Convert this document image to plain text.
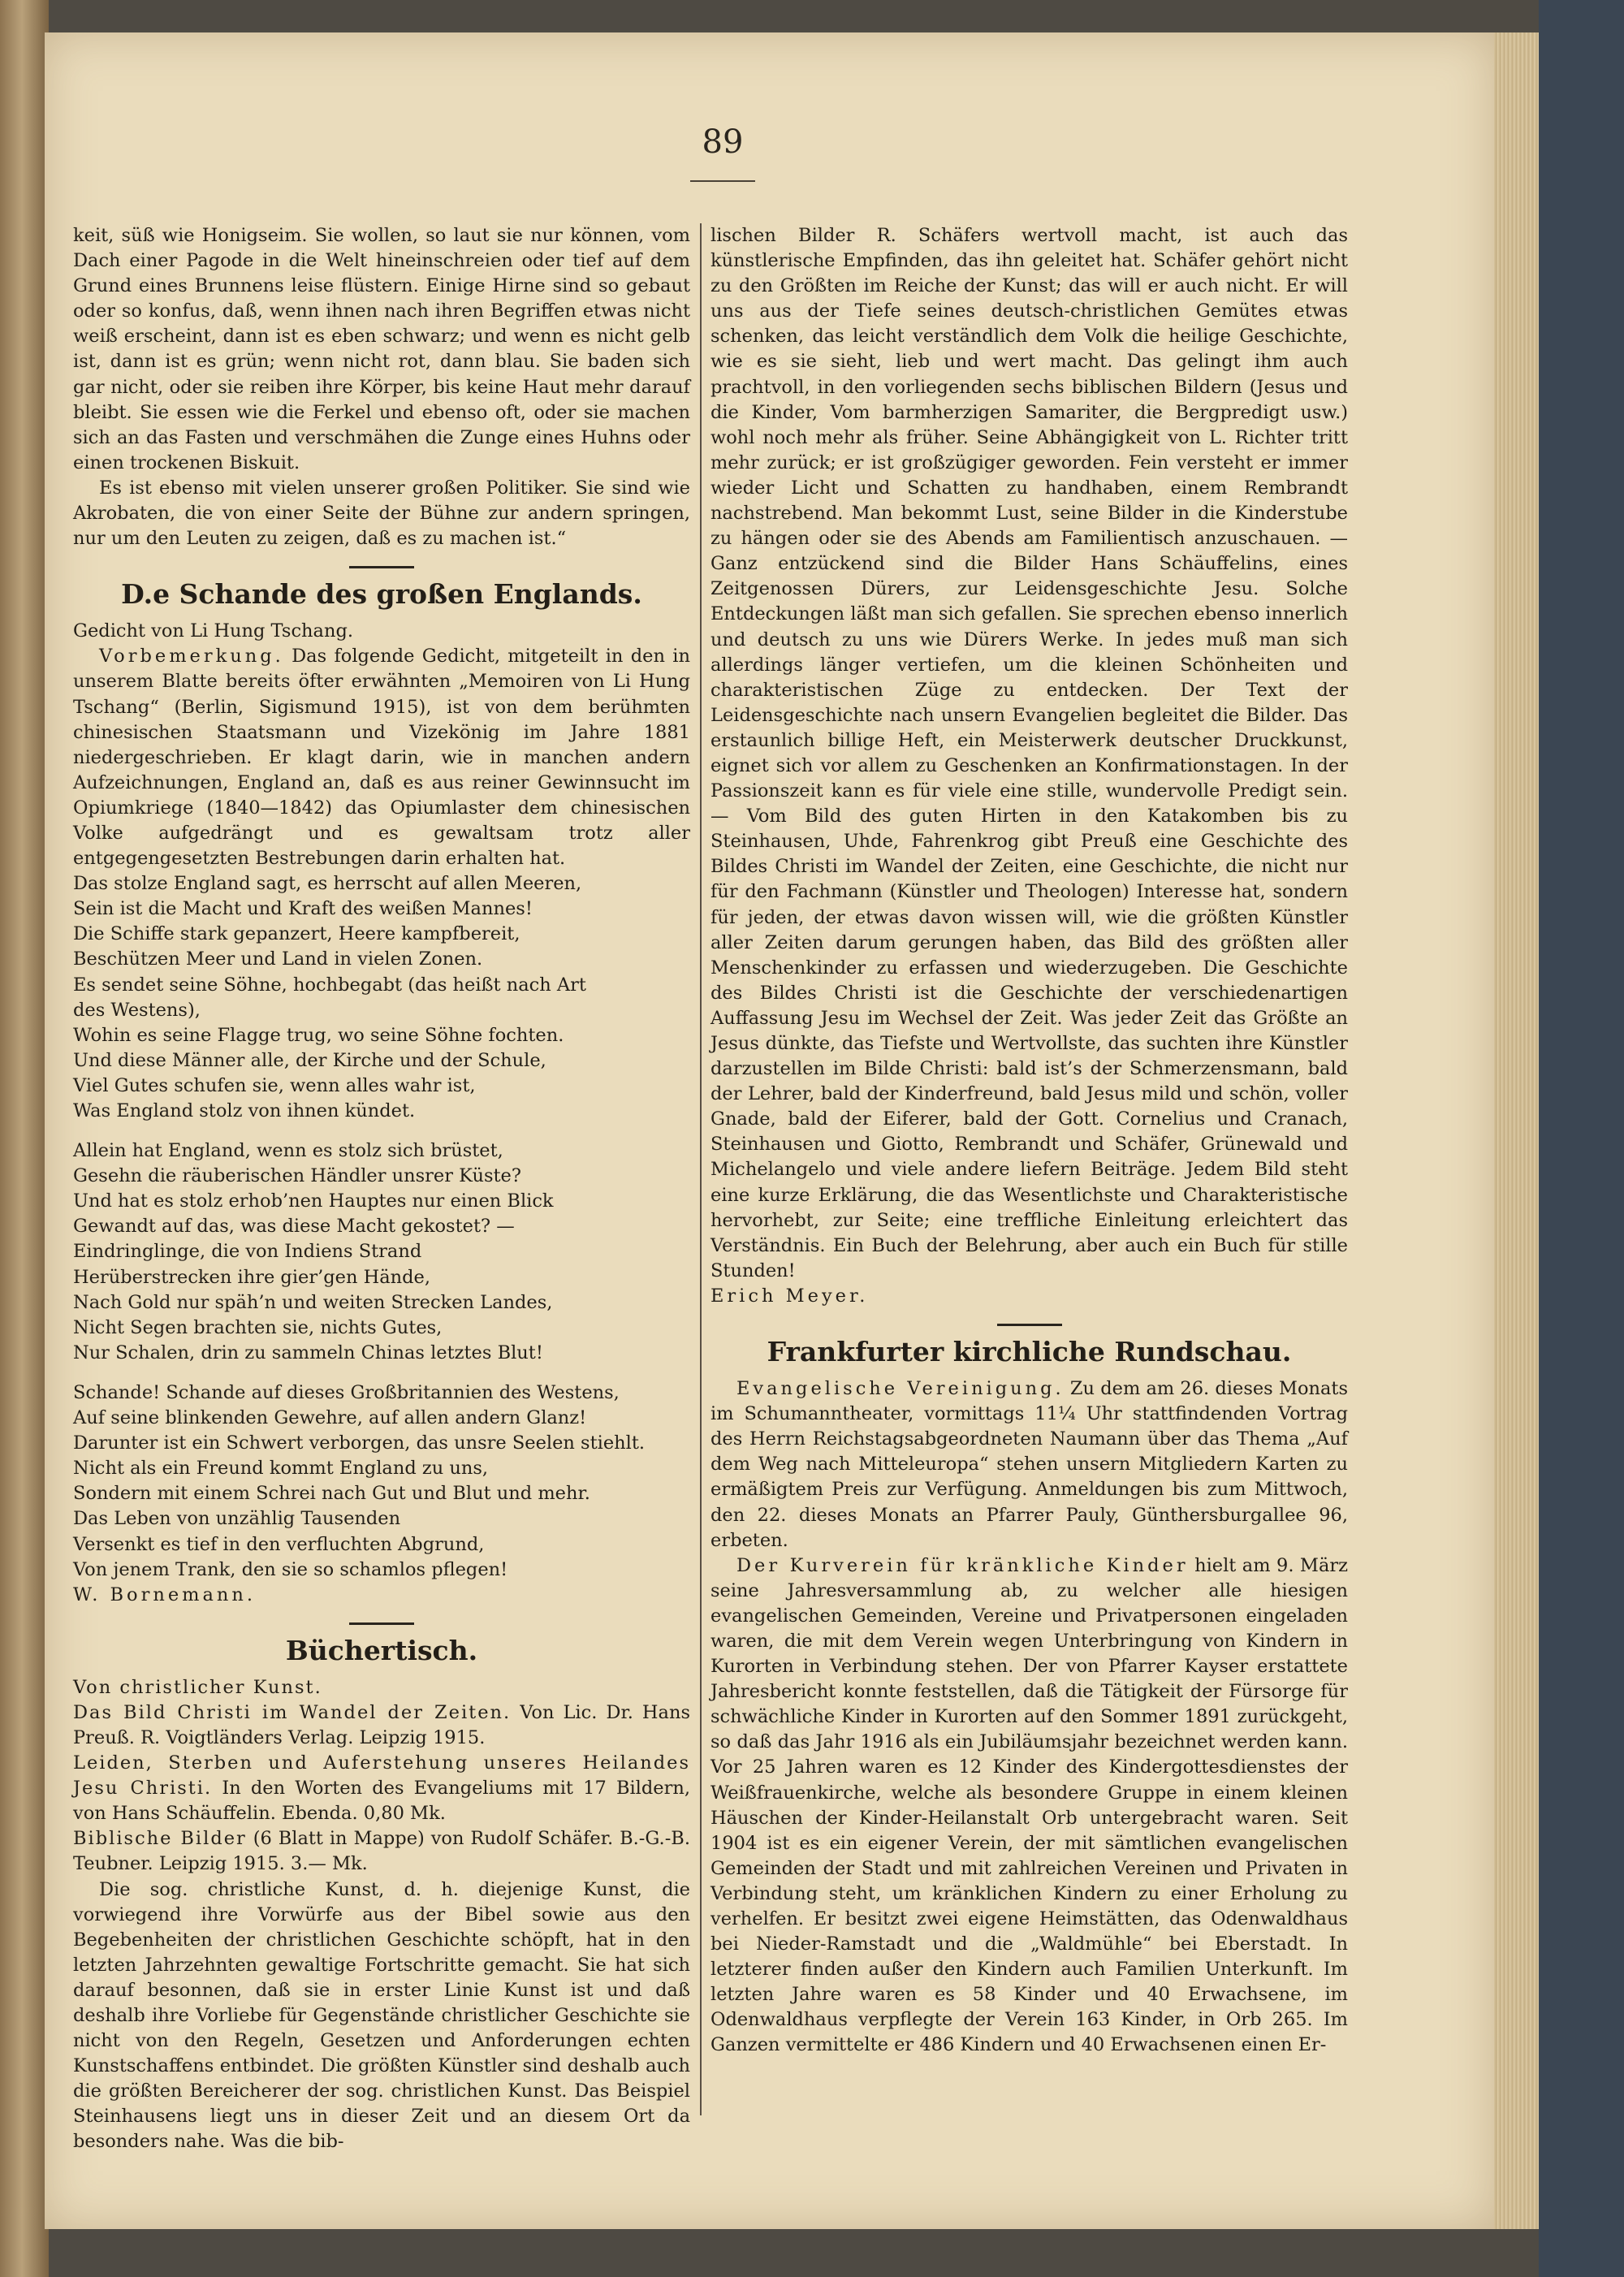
89

keit, süß wie Honigseim. Sie wollen, so laut sie nur können, vom Dach einer Pagode in die Welt hineinschreien oder tief auf dem Grund eines Brunnens leise flüstern. Einige Hirne sind so gebaut oder so konfus, daß, wenn ihnen nach ihren Begriffen etwas nicht weiß erscheint, dann ist es eben schwarz; und wenn es nicht gelb ist, dann ist es grün; wenn nicht rot, dann blau. Sie baden sich gar nicht, oder sie reiben ihre Körper, bis keine Haut mehr darauf bleibt. Sie essen wie die Ferkel und ebenso oft, oder sie machen sich an das Fasten und verschmähen die Zunge eines Huhns oder einen trockenen Biskuit.

Es ist ebenso mit vielen unserer großen Politiker. Sie sind wie Akrobaten, die von einer Seite der Bühne zur andern springen, nur um den Leuten zu zeigen, daß es zu machen ist.“

D.e Schande des großen Englands.

Gedicht von Li Hung Tschang.

Vorbemerkung. Das folgende Gedicht, mitgeteilt in den in unserem Blatte bereits öfter erwähnten „Memoiren von Li Hung Tschang“ (Berlin, Sigismund 1915), ist von dem berühmten chinesischen Staatsmann und Vizekönig im Jahre 1881 niedergeschrieben. Er klagt darin, wie in manchen andern Aufzeichnungen, England an, daß es aus reiner Gewinnsucht im Opiumkriege (1840—1842) das Opiumlaster dem chinesischen Volke aufgedrängt und es gewaltsam trotz aller entgegengesetzten Bestrebungen darin erhalten hat.

Das stolze England sagt, es herrscht auf allen Meeren,

Sein ist die Macht und Kraft des weißen Mannes!

Die Schiffe stark gepanzert, Heere kampfbereit,

Beschützen Meer und Land in vielen Zonen.

Es sendet seine Söhne, hochbegabt (das heißt nach Art

des Westens),

Wohin es seine Flagge trug, wo seine Söhne fochten.

Und diese Männer alle, der Kirche und der Schule,

Viel Gutes schufen sie, wenn alles wahr ist,

Was England stolz von ihnen kündet.

Allein hat England, wenn es stolz sich brüstet,

Gesehn die räuberischen Händler unsrer Küste?

Und hat es stolz erhob’nen Hauptes nur einen Blick

Gewandt auf das, was diese Macht gekostet? —

Eindringlinge, die von Indiens Strand

Herüberstrecken ihre gier’gen Hände,

Nach Gold nur späh’n und weiten Strecken Landes,

Nicht Segen brachten sie, nichts Gutes,

Nur Schalen, drin zu sammeln Chinas letztes Blut!

Schande! Schande auf dieses Großbritannien des Westens,

Auf seine blinkenden Gewehre, auf allen andern Glanz!

Darunter ist ein Schwert verborgen, das unsre Seelen stiehlt.

Nicht als ein Freund kommt England zu uns,

Sondern mit einem Schrei nach Gut und Blut und mehr.

Das Leben von unzählig Tausenden

Versenkt es tief in den verfluchten Abgrund,

Von jenem Trank, den sie so schamlos pflegen!

W. Bornemann.

Büchertisch.

Von christlicher Kunst.

Das Bild Christi im Wandel der Zeiten. Von Lic. Dr. Hans Preuß. R. Voigtländers Verlag. Leipzig 1915.

Leiden, Sterben und Auferstehung unseres Heilandes Jesu Christi. In den Worten des Evangeliums mit 17 Bildern, von Hans Schäuffelin. Ebenda. 0,80 Mk.

Biblische Bilder (6 Blatt in Mappe) von Rudolf Schäfer. B.-G.-B. Teubner. Leipzig 1915. 3.— Mk.

Die sog. christliche Kunst, d. h. diejenige Kunst, die vorwiegend ihre Vorwürfe aus der Bibel sowie aus den Begebenheiten der christlichen Geschichte schöpft, hat in den letzten Jahrzehnten gewaltige Fortschritte gemacht. Sie hat sich darauf besonnen, daß sie in erster Linie Kunst ist und daß deshalb ihre Vorliebe für Gegenstände christlicher Geschichte sie nicht von den Regeln, Gesetzen und Anforderungen echten Kunstschaffens entbindet. Die größten Künstler sind deshalb auch die größten Bereicherer der sog. christlichen Kunst. Das Beispiel Steinhausens liegt uns in dieser Zeit und an diesem Ort da besonders nahe. Was die bib-

lischen Bilder R. Schäfers wertvoll macht, ist auch das künstlerische Empfinden, das ihn geleitet hat. Schäfer gehört nicht zu den Größten im Reiche der Kunst; das will er auch nicht. Er will uns aus der Tiefe seines deutsch-christlichen Gemütes etwas schenken, das leicht verständlich dem Volk die heilige Geschichte, wie es sie sieht, lieb und wert macht. Das gelingt ihm auch prachtvoll, in den vorliegenden sechs biblischen Bildern (Jesus und die Kinder, Vom barmherzigen Samariter, die Bergpredigt usw.) wohl noch mehr als früher. Seine Abhängigkeit von L. Richter tritt mehr zurück; er ist großzügiger geworden. Fein versteht er immer wieder Licht und Schatten zu handhaben, einem Rembrandt nachstrebend. Man bekommt Lust, seine Bilder in die Kinderstube zu hängen oder sie des Abends am Familientisch anzuschauen. — Ganz entzückend sind die Bilder Hans Schäuffelins, eines Zeitgenossen Dürers, zur Leidensgeschichte Jesu. Solche Entdeckungen läßt man sich gefallen. Sie sprechen ebenso innerlich und deutsch zu uns wie Dürers Werke. In jedes muß man sich allerdings länger vertiefen, um die kleinen Schönheiten und charakteristischen Züge zu entdecken. Der Text der Leidensgeschichte nach unsern Evangelien begleitet die Bilder. Das erstaunlich billige Heft, ein Meisterwerk deutscher Druckkunst, eignet sich vor allem zu Geschenken an Konfirmationstagen. In der Passionszeit kann es für viele eine stille, wundervolle Predigt sein. — Vom Bild des guten Hirten in den Katakomben bis zu Steinhausen, Uhde, Fahrenkrog gibt Preuß eine Geschichte des Bildes Christi im Wandel der Zeiten, eine Geschichte, die nicht nur für den Fachmann (Künstler und Theologen) Interesse hat, sondern für jeden, der etwas davon wissen will, wie die größten Künstler aller Zeiten darum gerungen haben, das Bild des größten aller Menschenkinder zu erfassen und wiederzugeben. Die Geschichte des Bildes Christi ist die Geschichte der verschiedenartigen Auffassung Jesu im Wechsel der Zeit. Was jeder Zeit das Größte an Jesus dünkte, das Tiefste und Wertvollste, das suchten ihre Künstler darzustellen im Bilde Christi: bald ist’s der Schmerzensmann, bald der Lehrer, bald der Kinderfreund, bald Jesus mild und schön, voller Gnade, bald der Eiferer, bald der Gott. Cornelius und Cranach, Steinhausen und Giotto, Rembrandt und Schäfer, Grünewald und Michelangelo und viele andere liefern Beiträge. Jedem Bild steht eine kurze Erklärung, die das Wesentlichste und Charakteristische hervorhebt, zur Seite; eine treffliche Einleitung erleichtert das Verständnis. Ein Buch der Belehrung, aber auch ein Buch für stille Stunden!

Erich Meyer.

Frankfurter kirchliche Rundschau.

Evangelische Vereinigung. Zu dem am 26. dieses Monats im Schumanntheater, vormittags 11¼ Uhr stattfindenden Vortrag des Herrn Reichstagsabgeordneten Naumann über das Thema „Auf dem Weg nach Mitteleuropa“ stehen unsern Mitgliedern Karten zu ermäßigtem Preis zur Verfügung. Anmeldungen bis zum Mittwoch, den 22. dieses Monats an Pfarrer Pauly, Günthersburgallee 96, erbeten.

Der Kurverein für kränkliche Kinder hielt am 9. März seine Jahresversammlung ab, zu welcher alle hiesigen evangelischen Gemeinden, Vereine und Privatpersonen eingeladen waren, die mit dem Verein wegen Unterbringung von Kindern in Kurorten in Verbindung stehen. Der von Pfarrer Kayser erstattete Jahresbericht konnte feststellen, daß die Tätigkeit der Fürsorge für schwächliche Kinder in Kurorten auf den Sommer 1891 zurückgeht, so daß das Jahr 1916 als ein Jubiläumsjahr bezeichnet werden kann. Vor 25 Jahren waren es 12 Kinder des Kindergottesdienstes der Weißfrauenkirche, welche als besondere Gruppe in einem kleinen Häuschen der Kinder-Heilanstalt Orb untergebracht waren. Seit 1904 ist es ein eigener Verein, der mit sämtlichen evangelischen Gemeinden der Stadt und mit zahlreichen Vereinen und Privaten in Verbindung steht, um kränklichen Kindern zu einer Erholung zu verhelfen. Er besitzt zwei eigene Heimstätten, das Odenwaldhaus bei Nieder-Ramstadt und die „Waldmühle“ bei Eberstadt. In letzterer finden außer den Kindern auch Familien Unterkunft. Im letzten Jahre waren es 58 Kinder und 40 Erwachsene, im Odenwaldhaus verpflegte der Verein 163 Kinder, in Orb 265. Im Ganzen vermittelte er 486 Kindern und 40 Erwachsenen einen Er-
